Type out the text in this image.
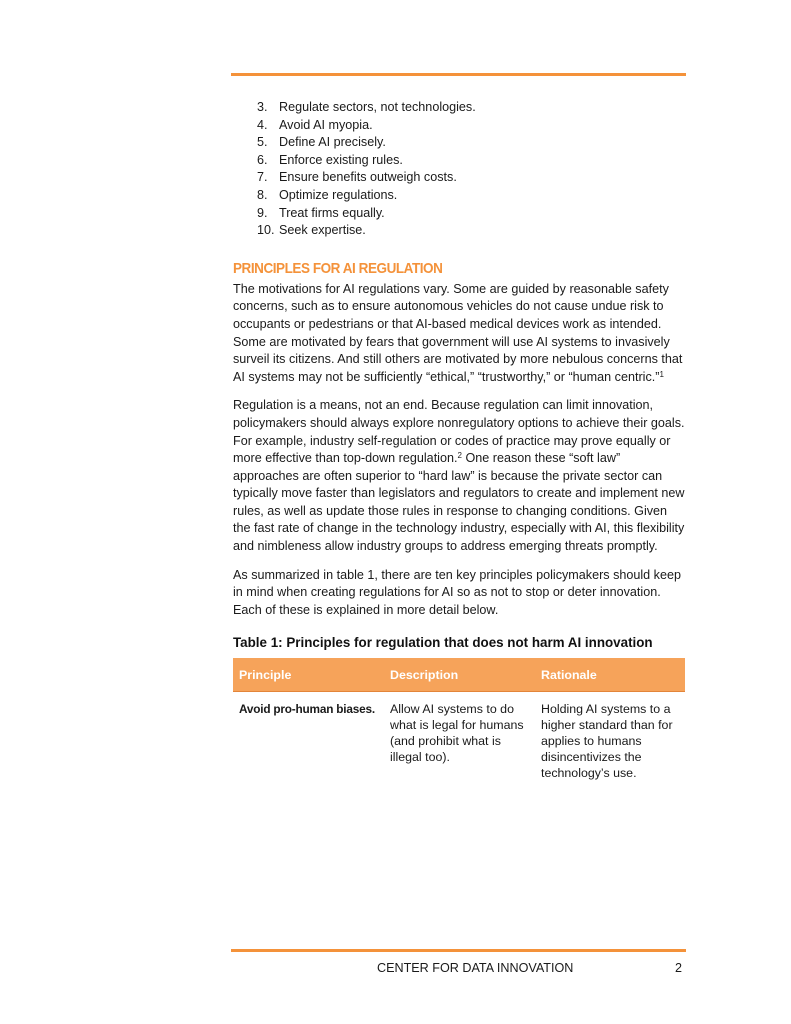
3. Regulate sectors, not technologies.
4. Avoid AI myopia.
5. Define AI precisely.
6. Enforce existing rules.
7. Ensure benefits outweigh costs.
8. Optimize regulations.
9. Treat firms equally.
10. Seek expertise.
PRINCIPLES FOR AI REGULATION

The motivations for AI regulations vary. Some are guided by reasonable safety concerns, such as to ensure autonomous vehicles do not cause undue risk to occupants or pedestrians or that AI-based medical devices work as intended. Some are motivated by fears that government will use AI systems to invasively surveil its citizens. And still others are motivated by more nebulous concerns that AI systems may not be sufficiently “ethical,” “trustworthy,” or “human centric.”$^1$

Regulation is a means, not an end. Because regulation can limit innovation, policymakers should always explore nonregulatory options to achieve their goals. For example, industry self-regulation or codes of practice may prove equally or more effective than top-down regulation.$^2$ One reason these “soft law” approaches are often superior to “hard law” is because the private sector can typically move faster than legislators and regulators to create and implement new rules, as well as update those rules in response to changing conditions. Given the fast rate of change in the technology industry, especially with AI, this flexibility and nimbleness allow industry groups to address emerging threats promptly.

As summarized in table 1, there are ten key principles policymakers should keep in mind when creating regulations for AI so as not to stop or deter innovation. Each of these is explained in more detail below.

Table 1: Principles for regulation that does not harm AI innovation
Principle	Description	Rationale
Avoid pro-human biases.	Allow AI systems to do what is legal for humans (and prohibit what is illegal too).	Holding AI systems to a higher standard than for applies to humans disincentivizes the technology’s use.
CENTER FOR DATA INNOVATION	2
